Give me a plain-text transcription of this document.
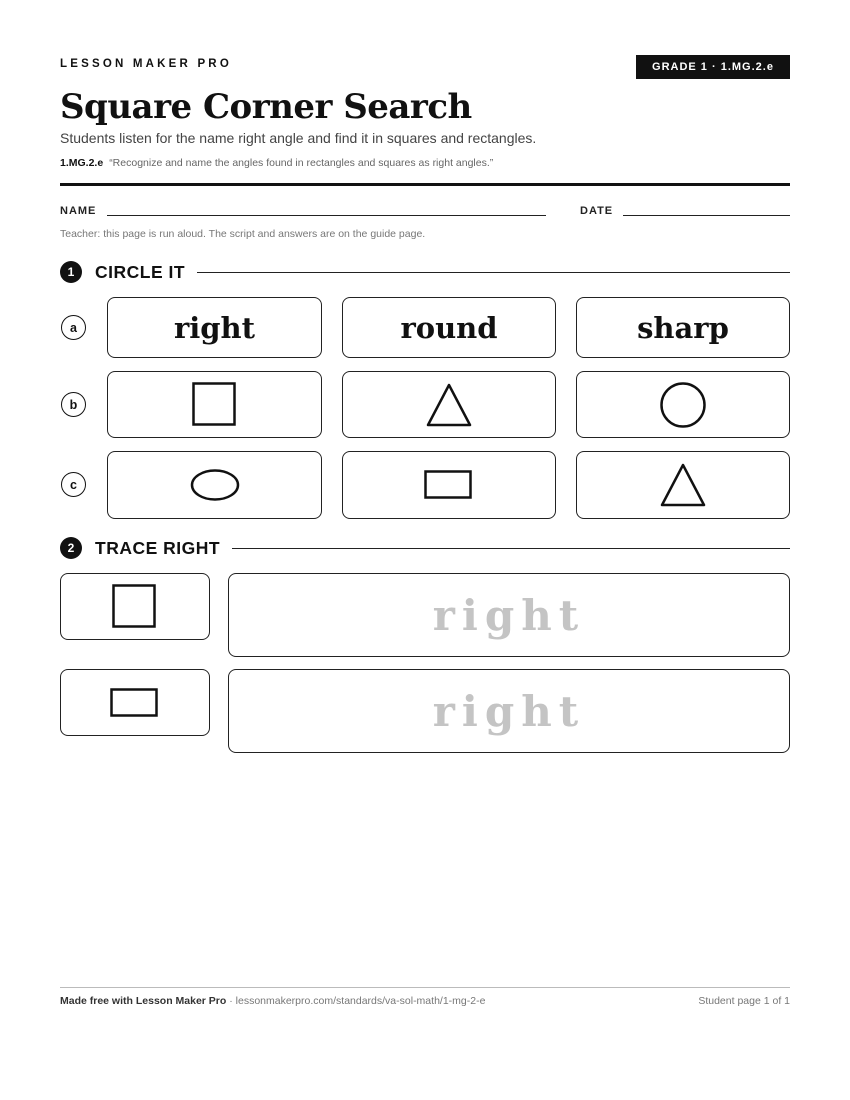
LESSON MAKER PRO	GRADE 1 · 1.MG.2.e
Square Corner Search
Students listen for the name right angle and find it in squares and rectangles.
1.MG.2.e “Recognize and name the angles found in rectangles and squares as right angles.”
NAME	DATE
Teacher: this page is run aloud. The script and answers are on the guide page.
1	CIRCLE IT
a	right	round	sharp
b
c
2	TRACE RIGHT
right
right
Made free with Lesson Maker Pro · lessonmakerpro.com/standards/va-sol-math/1-mg-2-e	Student page 1 of 1
